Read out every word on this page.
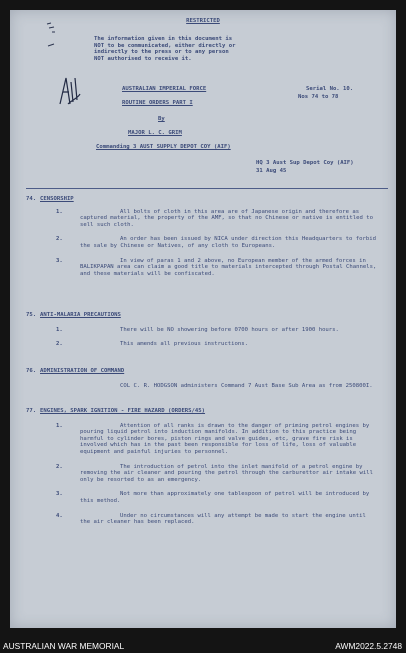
RESTRICTED
The information given in this document is
NOT to be communicated, either directly or
indirectly to the press or to any person
NOT authorised to receive it.
AUSTRALIAN IMPERIAL FORCE
ROUTINE ORDERS PART I
By
MAJOR L. C. GRIM
Commanding 3 AUST SUPPLY DEPOT COY (AIF)
Serial No. 10.
Nos 74 to 78
HQ 3 Aust Sup Depot Coy (AIF)
31 Aug 45
74. CENSORSHIP
1.	All bolts of cloth in this area are of Japanese origin and therefore as captured material, the property of the AMF, so that no Chinese or native is entitled to sell such cloth.
2.	An order has been issued by NICA under direction this Headquarters to forbid the sale by Chinese or Natives, of any cloth to Europeans.
3.	In view of paras 1 and 2 above, no European member of the armed forces in BALIKPAPAN area can claim a good title to materials intercepted through Postal Channels, and these materials will be confiscated.
75. ANTI-MALARIA PRECAUTIONS
1.	There will be NO showering before 0700 hours or after 1900 hours.
2.	This amends all previous instructions.
76. ADMINISTRATION OF COMMAND
COL C. R. HODGSON administers Command 7 Aust Base Sub Area as from 250800I.
77. ENGINES, SPARK IGNITION - FIRE HAZARD (ORDERS/45)
1.	Attention of all ranks is drawn to the danger of priming petrol engines by pouring liquid petrol into induction manifolds. In addition to this practice being harmful to cylinder bores, piston rings and valve guides, etc, grave fire risk is involved which has in the past been responsible for loss of life, loss of valuable equipment and painful injuries to personnel.
2.	The introduction of petrol into the inlet manifold of a petrol engine by removing the air cleaner and pouring the petrol through the carburettor air intake will only be resorted to as an emergency.
3.	Not more than approximately one tablespoon of petrol will be introduced by this method.
4.	Under no circumstances will any attempt be made to start the engine until the air cleaner has been replaced.
AUSTRALIAN WAR MEMORIAL	AWM2022.5.2748
